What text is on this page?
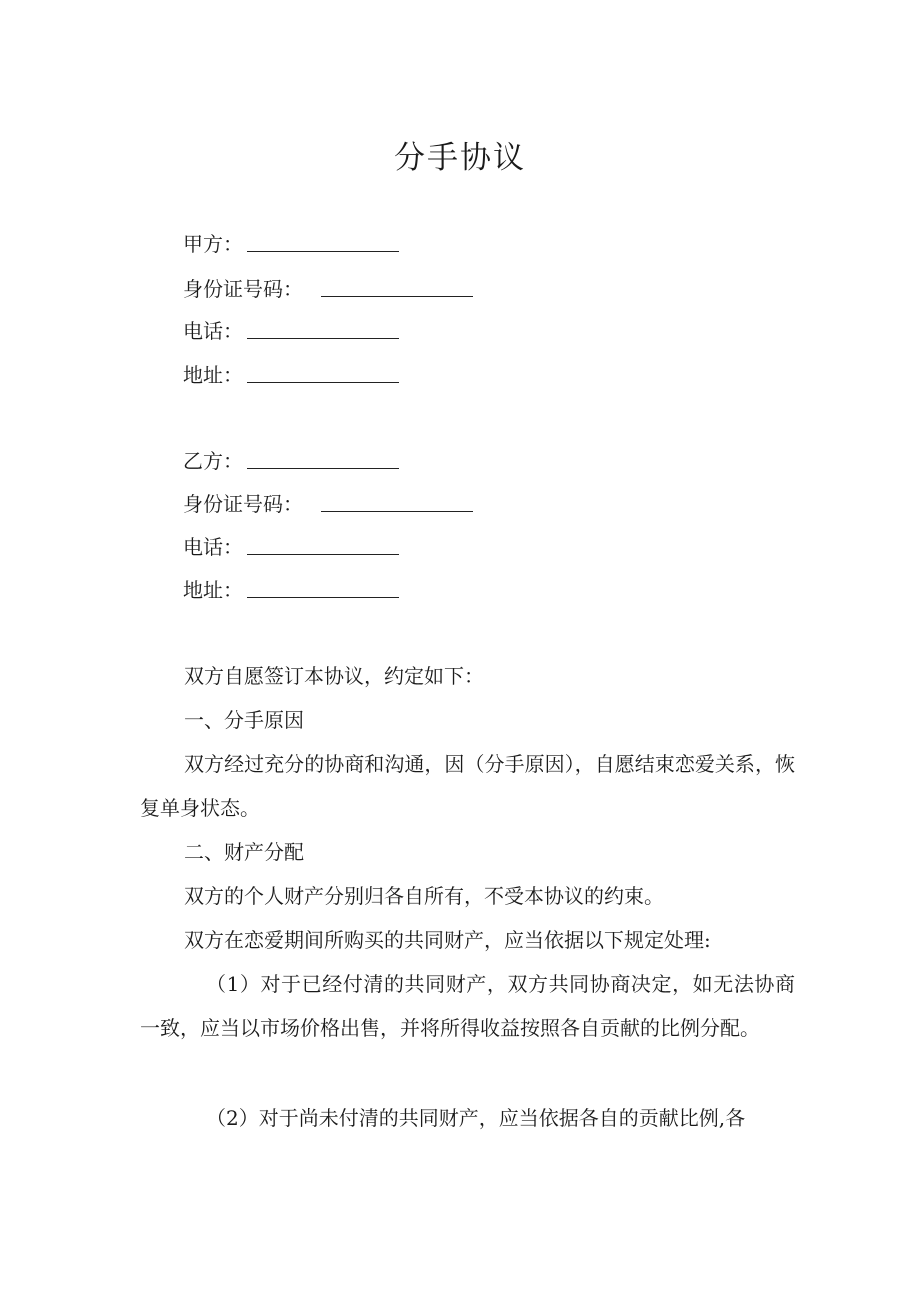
分手协议
甲方：
身份证号码：
电话：
地址：
乙方：
身份证号码：
电话：
地址：

双方自愿签订本协议，约定如下：

一、分手原因

双方经过充分的协商和沟通，因（分手原因），自愿结束恋爱关系，恢复单身状态。

二、财产分配

双方的个人财产分别归各自所有，不受本协议的约束。

双方在恋爱期间所购买的共同财产，应当依据以下规定处理:

（1）对于已经付清的共同财产，双方共同协商决定，如无法协商一致，应当以市场价格出售，并将所得收益按照各自贡献的比例分配。

（2）对于尚未付清的共同财产，应当依据各自的贡献比例,各
